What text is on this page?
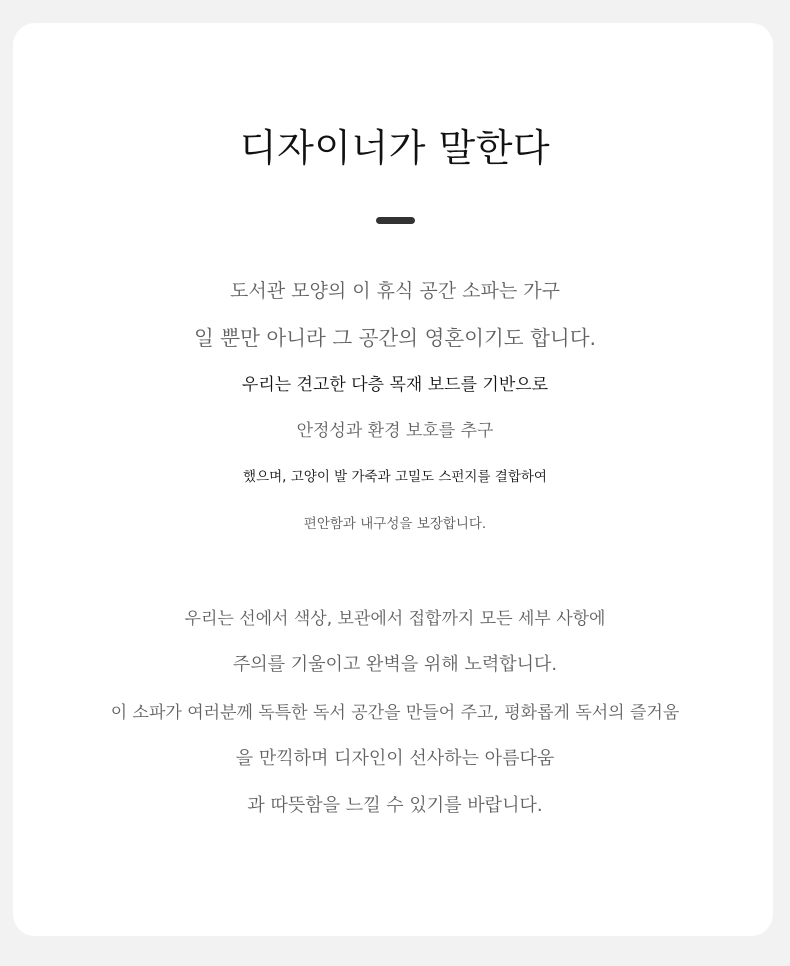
디자이너가 말한다
도서관 모양의 이 휴식 공간 소파는 가구
일 뿐만 아니라 그 공간의 영혼이기도 합니다.
우리는 견고한 다층 목재 보드를 기반으로
안정성과 환경 보호를 추구
했으며, 고양이 발 가죽과 고밀도 스펀지를 결합하여
편안함과 내구성을 보장합니다.
우리는 선에서 색상, 보관에서 접합까지 모든 세부 사항에
주의를 기울이고 완벽을 위해 노력합니다.
이 소파가 여러분께 독특한 독서 공간을 만들어 주고, 평화롭게 독서의 즐거움
을 만끽하며 디자인이 선사하는 아름다움
과 따뜻함을 느낄 수 있기를 바랍니다.
